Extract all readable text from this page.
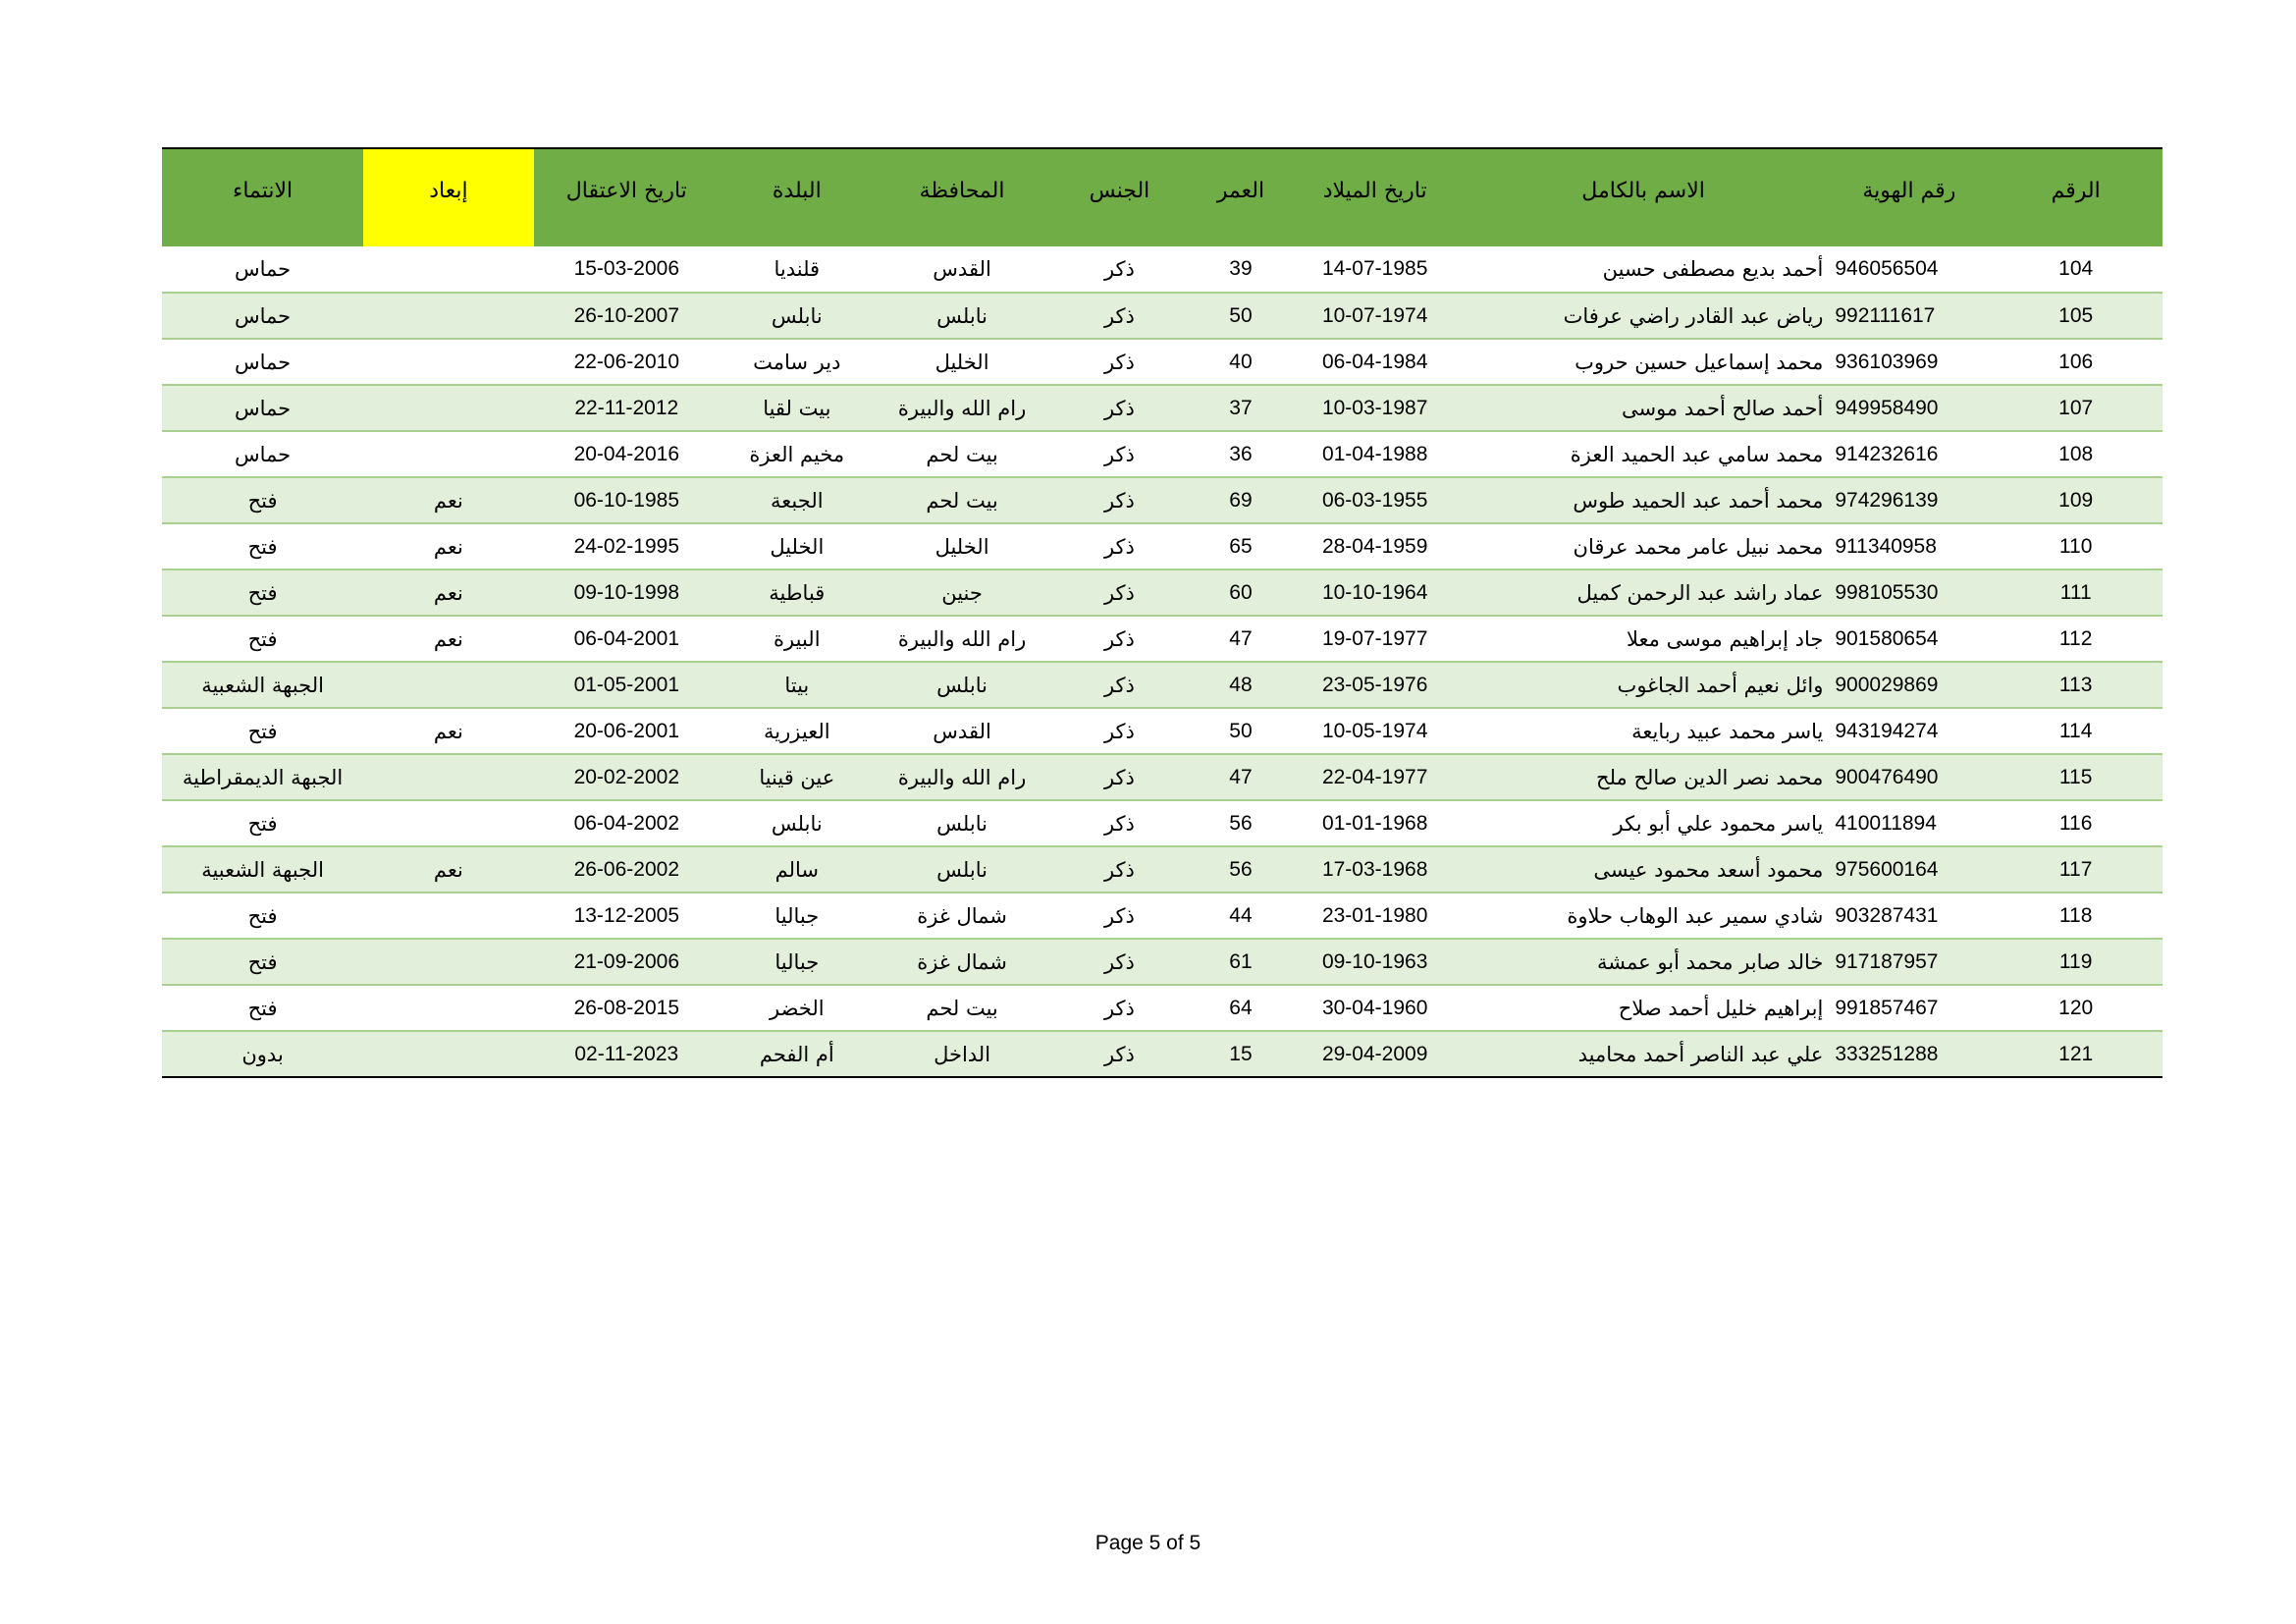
الرقم	رقم الهوية	الاسم بالكامل	تاريخ الميلاد	العمر	الجنس	المحافظة	البلدة	تاريخ الاعتقال	إبعاد	الانتماء
104	946056504	أحمد بديع مصطفى حسين	14-07-1985	39	ذكر	القدس	قلنديا	15-03-2006		حماس
105	992111617	رياض عبد القادر راضي عرفات	10-07-1974	50	ذكر	نابلس	نابلس	26-10-2007		حماس
106	936103969	محمد إسماعيل حسين حروب	06-04-1984	40	ذكر	الخليل	دير سامت	22-06-2010		حماس
107	949958490	أحمد صالح أحمد موسى	10-03-1987	37	ذكر	رام الله والبيرة	بيت لقيا	22-11-2012		حماس
108	914232616	محمد سامي عبد الحميد العزة	01-04-1988	36	ذكر	بيت لحم	مخيم العزة	20-04-2016		حماس
109	974296139	محمد أحمد عبد الحميد طوس	06-03-1955	69	ذكر	بيت لحم	الجبعة	06-10-1985	نعم	فتح
110	911340958	محمد نبيل عامر محمد عرقان	28-04-1959	65	ذكر	الخليل	الخليل	24-02-1995	نعم	فتح
111	998105530	عماد راشد عبد الرحمن كميل	10-10-1964	60	ذكر	جنين	قباطية	09-10-1998	نعم	فتح
112	901580654	جاد إبراهيم موسى معلا	19-07-1977	47	ذكر	رام الله والبيرة	البيرة	06-04-2001	نعم	فتح
113	900029869	وائل نعيم أحمد الجاغوب	23-05-1976	48	ذكر	نابلس	بيتا	01-05-2001		الجبهة الشعبية
114	943194274	ياسر محمد عبيد ربايعة	10-05-1974	50	ذكر	القدس	العيزرية	20-06-2001	نعم	فتح
115	900476490	محمد نصر الدين صالح ملح	22-04-1977	47	ذكر	رام الله والبيرة	عين قينيا	20-02-2002		الجبهة الديمقراطية
116	410011894	ياسر محمود علي أبو بكر	01-01-1968	56	ذكر	نابلس	نابلس	06-04-2002		فتح
117	975600164	محمود أسعد محمود عيسى	17-03-1968	56	ذكر	نابلس	سالم	26-06-2002	نعم	الجبهة الشعبية
118	903287431	شادي سمير عبد الوهاب حلاوة	23-01-1980	44	ذكر	شمال غزة	جباليا	13-12-2005		فتح
119	917187957	خالد صابر محمد أبو عمشة	09-10-1963	61	ذكر	شمال غزة	جباليا	21-09-2006		فتح
120	991857467	إبراهيم خليل أحمد صلاح	30-04-1960	64	ذكر	بيت لحم	الخضر	26-08-2015		فتح
121	333251288	علي عبد الناصر أحمد محاميد	29-04-2009	15	ذكر	الداخل	أم الفحم	02-11-2023		بدون
Page 5 of 5
